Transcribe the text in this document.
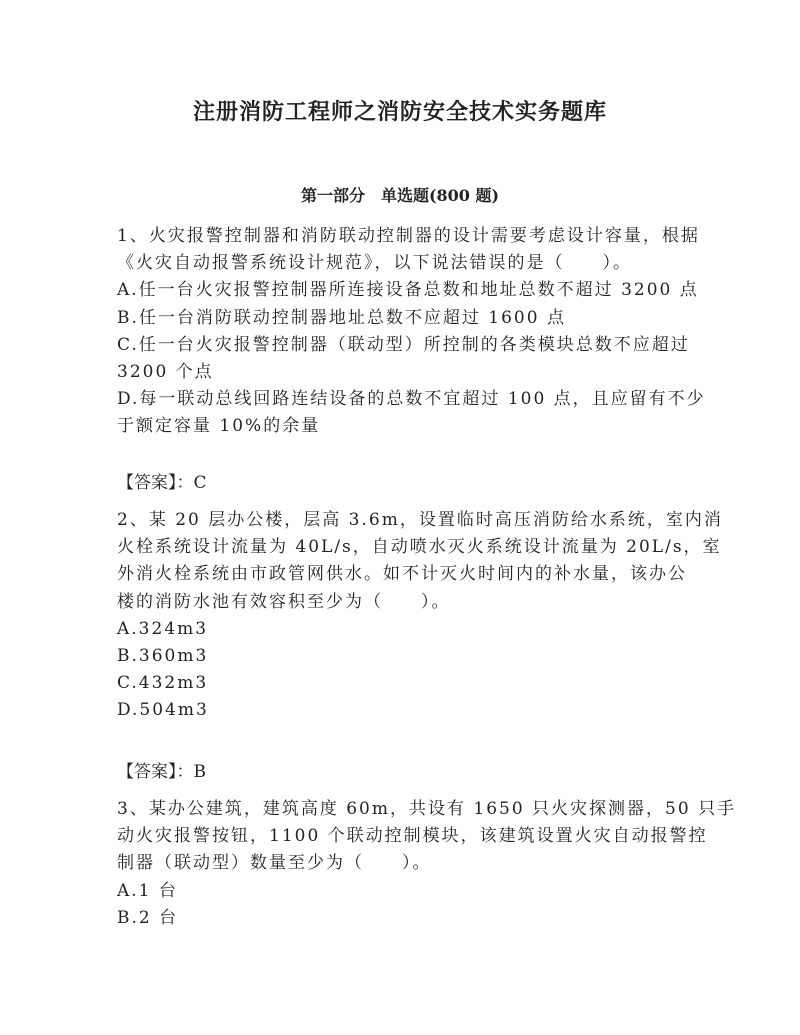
注册消防工程师之消防安全技术实务题库
第一部分　单选题(800 题)
1、火灾报警控制器和消防联动控制器的设计需要考虑设计容量，根据
《火灾自动报警系统设计规范》，以下说法错误的是（　　）。
A.任一台火灾报警控制器所连接设备总数和地址总数不超过 3200 点
B.任一台消防联动控制器地址总数不应超过 1600 点
C.任一台火灾报警控制器（联动型）所控制的各类模块总数不应超过
3200 个点
D.每一联动总线回路连结设备的总数不宜超过 100 点，且应留有不少
于额定容量 10%的余量
【答案】：C
2、某 20 层办公楼，层高 3.6m，设置临时高压消防给水系统，室内消
火栓系统设计流量为 40L/s，自动喷水灭火系统设计流量为 20L/s，室
外消火栓系统由市政管网供水。如不计灭火时间内的补水量，该办公
楼的消防水池有效容积至少为（　　）。
A.324m3
B.360m3
C.432m3
D.504m3
【答案】：B
3、某办公建筑，建筑高度 60m，共设有 1650 只火灾探测器，50 只手
动火灾报警按钮，1100 个联动控制模块，该建筑设置火灾自动报警控
制器（联动型）数量至少为（　　）。
A.1 台
B.2 台
